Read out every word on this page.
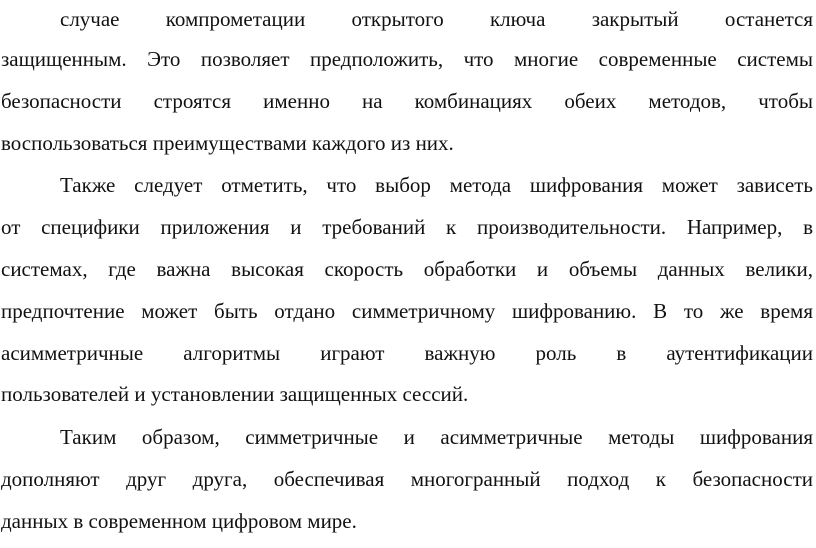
случае компрометации открытого ключа закрытый останется
защищенным. Это позволяет предположить, что многие современные системы
безопасности строятся именно на комбинациях обеих методов, чтобы
воспользоваться преимуществами каждого из них.
Также следует отметить, что выбор метода шифрования может зависеть
от специфики приложения и требований к производительности. Например, в
системах, где важна высокая скорость обработки и объемы данных велики,
предпочтение может быть отдано симметричному шифрованию. В то же время
асимметричные алгоритмы играют важную роль в аутентификации
пользователей и установлении защищенных сессий.
Таким образом, симметричные и асимметричные методы шифрования
дополняют друг друга, обеспечивая многогранный подход к безопасности
данных в современном цифровом мире.
